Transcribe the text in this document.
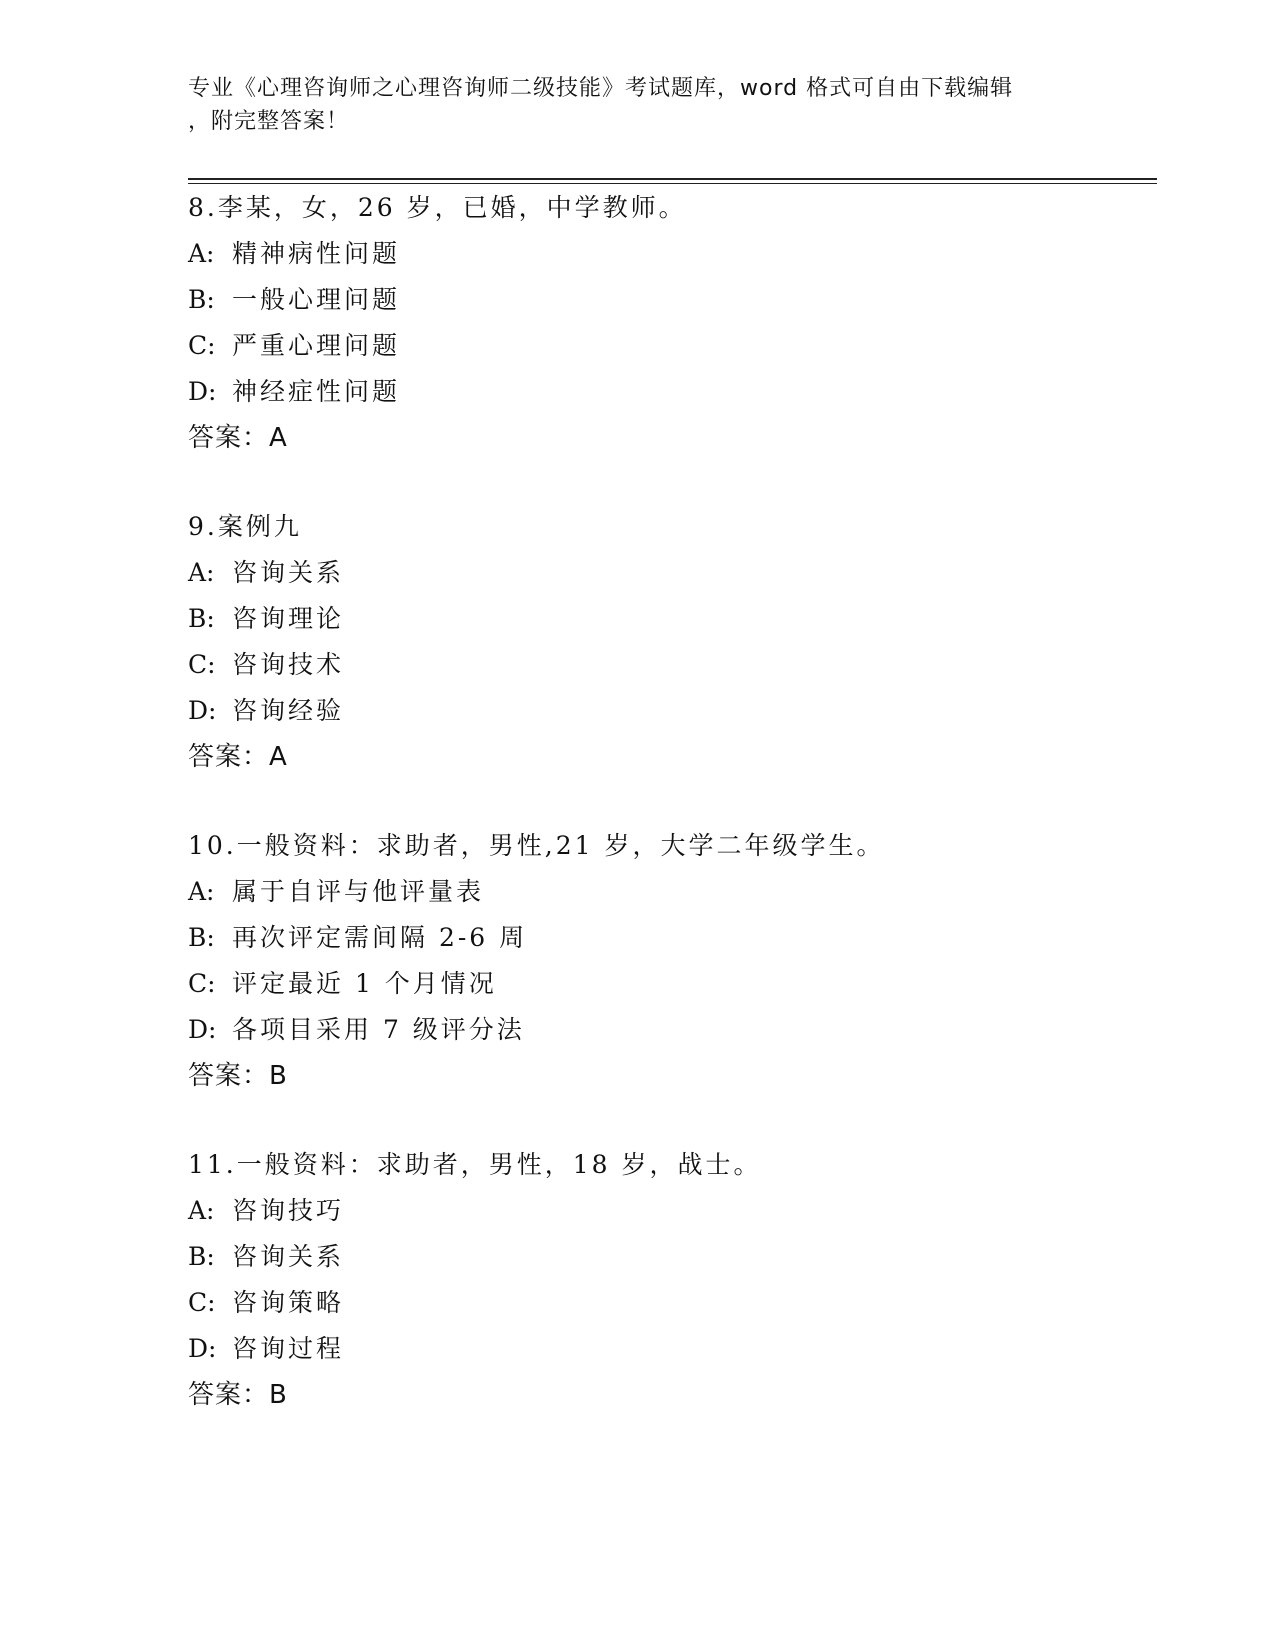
专业《心理咨询师之心理咨询师二级技能》考试题库，word 格式可自由下载编辑
，附完整答案！
8.李某，女，26 岁，已婚，中学教师。
A: 精神病性问题
B: 一般心理问题
C: 严重心理问题
D: 神经症性问题
答案：A
9.案例九
A: 咨询关系
B: 咨询理论
C: 咨询技术
D: 咨询经验
答案：A
10.一般资料：求助者，男性,21 岁，大学二年级学生。
A: 属于自评与他评量表
B: 再次评定需间隔 2-6 周
C: 评定最近 1 个月情况
D: 各项目采用 7 级评分法
答案：B
11.一般资料：求助者，男性，18 岁，战士。
A: 咨询技巧
B: 咨询关系
C: 咨询策略
D: 咨询过程
答案：B
